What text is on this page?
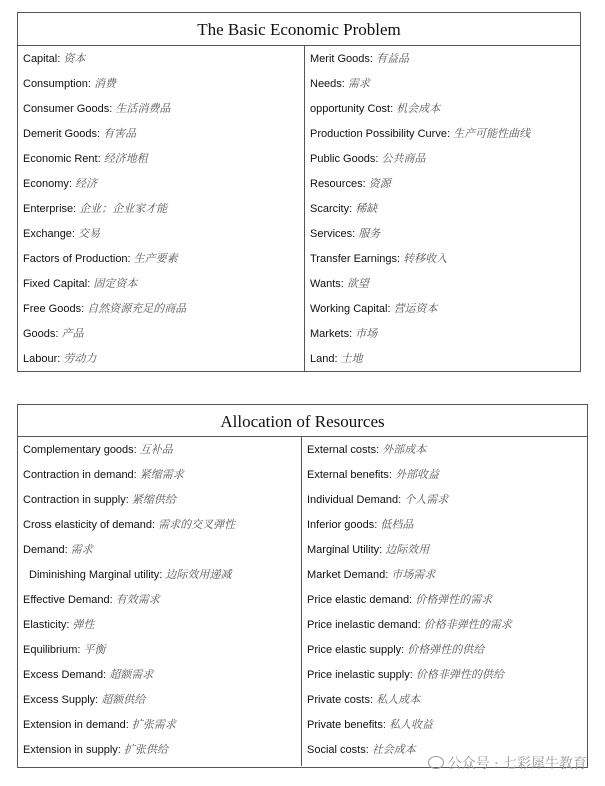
The Basic Economic Problem
Capital: 资本
Consumption: 消费
Consumer Goods: 生活消费品
Demerit Goods: 有害品
Economic Rent: 经济地租
Economy: 经济
Enterprise: 企业；企业家才能
Exchange: 交易
Factors of Production: 生产要素
Fixed Capital: 固定资本
Free Goods: 自然资源充足的商品
Goods: 产品
Labour: 劳动力
Merit Goods: 有益品
Needs: 需求
opportunity Cost: 机会成本
Production Possibility Curve: 生产可能性曲线
Public Goods: 公共商品
Resources: 资源
Scarcity: 稀缺
Services: 服务
Transfer Earnings: 转移收入
Wants: 欲望
Working Capital: 营运资本
Markets: 市场
Land: 土地
Allocation of Resources
Complementary goods: 互补品
Contraction in demand: 紧缩需求
Contraction in supply: 紧缩供给
Cross elasticity of demand: 需求的交叉弹性
Demand: 需求
Diminishing Marginal utility: 边际效用递减
Effective Demand: 有效需求
Elasticity: 弹性
Equilibrium: 平衡
Excess Demand: 超额需求
Excess Supply: 超额供给
Extension in demand: 扩张需求
Extension in supply: 扩张供给
External costs: 外部成本
External benefits: 外部收益
Individual Demand: 个人需求
Inferior goods: 低档品
Marginal Utility: 边际效用
Market Demand: 市场需求
Price elastic demand: 价格弹性的需求
Price inelastic demand: 价格非弹性的需求
Price elastic supply: 价格弹性的供给
Price inelastic supply: 价格非弹性的供给
Private costs: 私人成本
Private benefits: 私人收益
Social costs: 社会成本
公众号 · 七彩犀牛教育
